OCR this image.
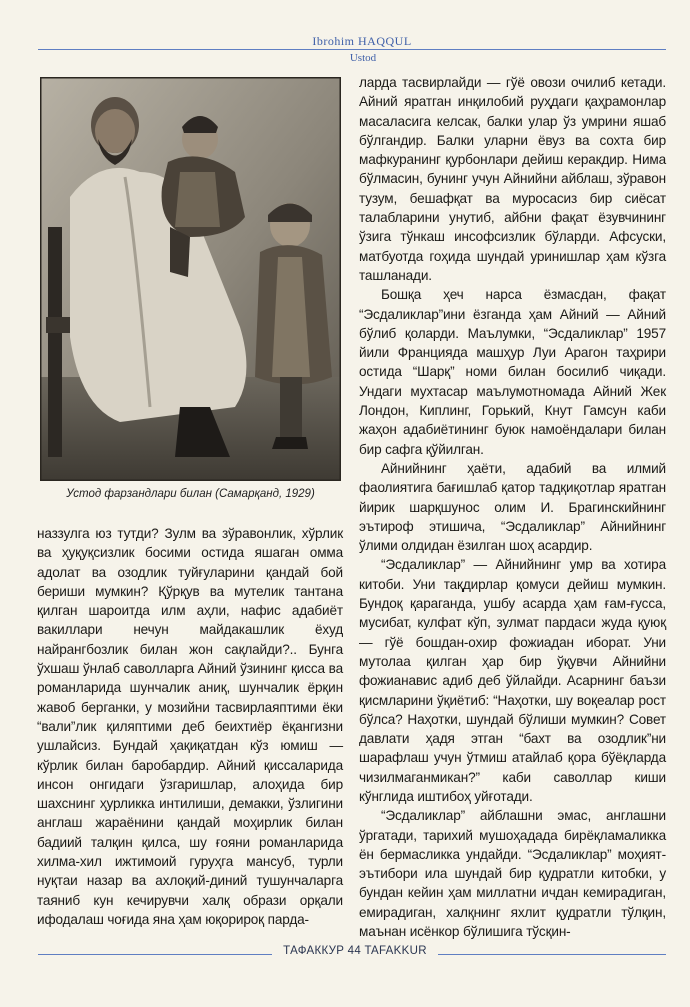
Ibrohim HAQQUL
Ustod
Устод фарзандлари билан (Самарқанд, 1929)

наззулга юз тутди? Зулм ва зўравонлик, хўрлик ва ҳуқуқсизлик босими остида яшаган омма адолат ва озодлик туйғуларини қандай бой бериши мумкин? Қўрқув ва мутелик тантана қилган шароитда илм аҳли, нафис адабиёт вакиллари нечун майдакашлик ёхуд найрангбозлик билан жон сақлайди?.. Бунга ўхшаш ўнлаб саволларга Айний ўзининг қисса ва романларида шунчалик аниқ, шунчалик ёрқин жавоб берганки, у мозийни тасвирлаяптими ёки “вали”лик қиляптими деб беихтиёр ёқангизни ушлайсиз. Бундай ҳақиқатдан кўз юмиш — кўрлик билан баробардир. Айний қиссаларида инсон онгидаги ўзгаришлар, алоҳида бир шахснинг ҳурликка интилиши, демакки, ўзлигини англаш жараёнини қандай моҳирлик билан бадиий талқин қилса, шу ғояни романларида хилма-хил ижтимоий гуруҳга мансуб, турли нуқтаи назар ва ахлоқий-диний тушунчаларга таяниб кун кечирувчи халқ образи орқали ифодалаш чоғида яна ҳам юқорироқ парда-

ларда тасвирлайди — гўё овози очилиб кетади. Айний яратган инқилобий руҳдаги қаҳрамонлар масаласига келсак, балки улар ўз умрини яшаб бўлгандир. Балки уларни ёвуз ва сохта бир мафкуранинг қурбонлари дейиш керакдир. Нима бўлмасин, бунинг учун Айнийни айблаш, зўравон тузум, бешафқат ва муросасиз бир сиёсат талабларини унутиб, айбни фақат ёзувчининг ўзига тўнкаш инсофсизлик бўларди. Афсуски, матбуотда гоҳида шундай уринишлар ҳам кўзга ташланади.

Бошқа ҳеч нарса ёзмасдан, фақат “Эсдаликлар”ини ёзганда ҳам Айний — Айний бўлиб қоларди. Маълумки, “Эсдаликлар” 1957 йили Францияда машҳур Луи Арагон таҳрири остида “Шарқ” номи билан босилиб чиқади. Ундаги мухтасар маълумотномада Айний Жек Лондон, Киплинг, Горький, Кнут Гамсун каби жаҳон адабиётининг буюк намоёндалари билан бир сафга қўйилган.

Айнийнинг ҳаёти, адабий ва илмий фаолиятига бағишлаб қатор тадқиқотлар яратган йирик шарқшунос олим И. Брагинскийнинг эътироф этишича, “Эсдаликлар” Айнийнинг ўлими олдидан ёзилган шоҳ асардир.

“Эсдаликлар” — Айнийнинг умр ва хотира китоби. Уни тақдирлар қомуси дейиш мумкин. Бундоқ қараганда, ушбу асарда ҳам ғам-ғусса, мусибат, кулфат кўп, зулмат пардаси жуда қуюқ — гўё бошдан-охир фожиадан иборат. Уни мутолаа қилган ҳар бир ўқувчи Айнийни фожианавис адиб деб ўйлайди. Асарнинг баъзи қисмларини ўқиётиб: “Наҳотки, шу воқеалар рост бўлса? Наҳотки, шундай бўлиши мумкин? Совет давлати ҳадя этган “бахт ва озодлик”ни шарафлаш учун ўтмиш атайлаб қора бўёқларда чизилмаганмикан?” каби саволлар киши кўнглида иштибоҳ уйғотади.

“Эсдаликлар” айблашни эмас, англашни ўргатади, тарихий мушоҳадада бирёқламаликка ён бермасликка ундайди. “Эсдаликлар” моҳият-эътибори ила шундай бир қудратли китобки, у бундан кейин ҳам миллатни ичдан кемирадиган, емирадиган, халқнинг яхлит қудратли тўлқин, маънан исёнкор бўлишига тўсқин-

ТАФАККУР 44 TAFAKKUR
